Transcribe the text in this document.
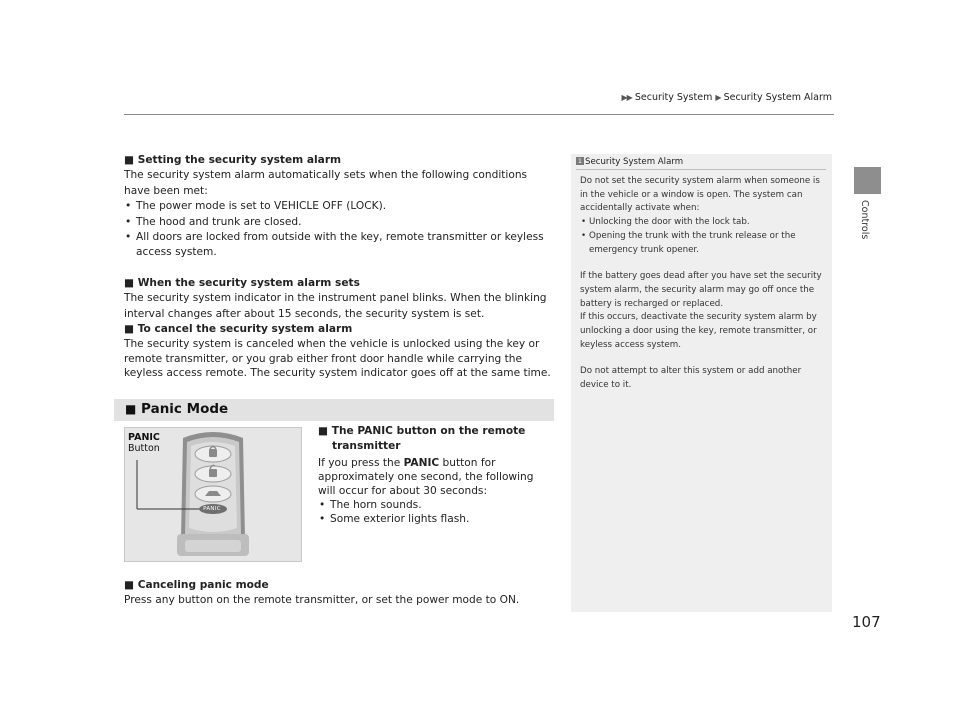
▶▶ Security System ▶ Security System Alarm
Controls

■ Setting the security system alarm

The security system alarm automatically sets when the following conditions have been met:

• The power mode is set to VEHICLE OFF (LOCK).
• The hood and trunk are closed.
• All doors are locked from outside with the key, remote transmitter or keyless access system.

■ When the security system alarm sets

The security system indicator in the instrument panel blinks. When the blinking interval changes after about 15 seconds, the security system is set.

■ To cancel the security system alarm

The security system is canceled when the vehicle is unlocked using the key or remote transmitter, or you grab either front door handle while carrying the keyless access remote. The security system indicator goes off at the same time.

■ Panic Mode
PANIC
PANIC
Button

■ The PANIC button on the remote transmitter

If you press the PANIC button for approximately one second, the following will occur for about 30 seconds:

• The horn sounds.
• Some exterior lights flash.

■ Canceling panic mode

Press any button on the remote transmitter, or set the power mode to ON.

1 Security System Alarm

Do not set the security system alarm when someone is in the vehicle or a window is open. The system can accidentally activate when:

• Unlocking the door with the lock tab.
• Opening the trunk with the trunk release or the emergency trunk opener.

If the battery goes dead after you have set the security system alarm, the security alarm may go off once the battery is recharged or replaced.

If this occurs, deactivate the security system alarm by unlocking a door using the key, remote transmitter, or keyless access system.

Do not attempt to alter this system or add another device to it.

107
